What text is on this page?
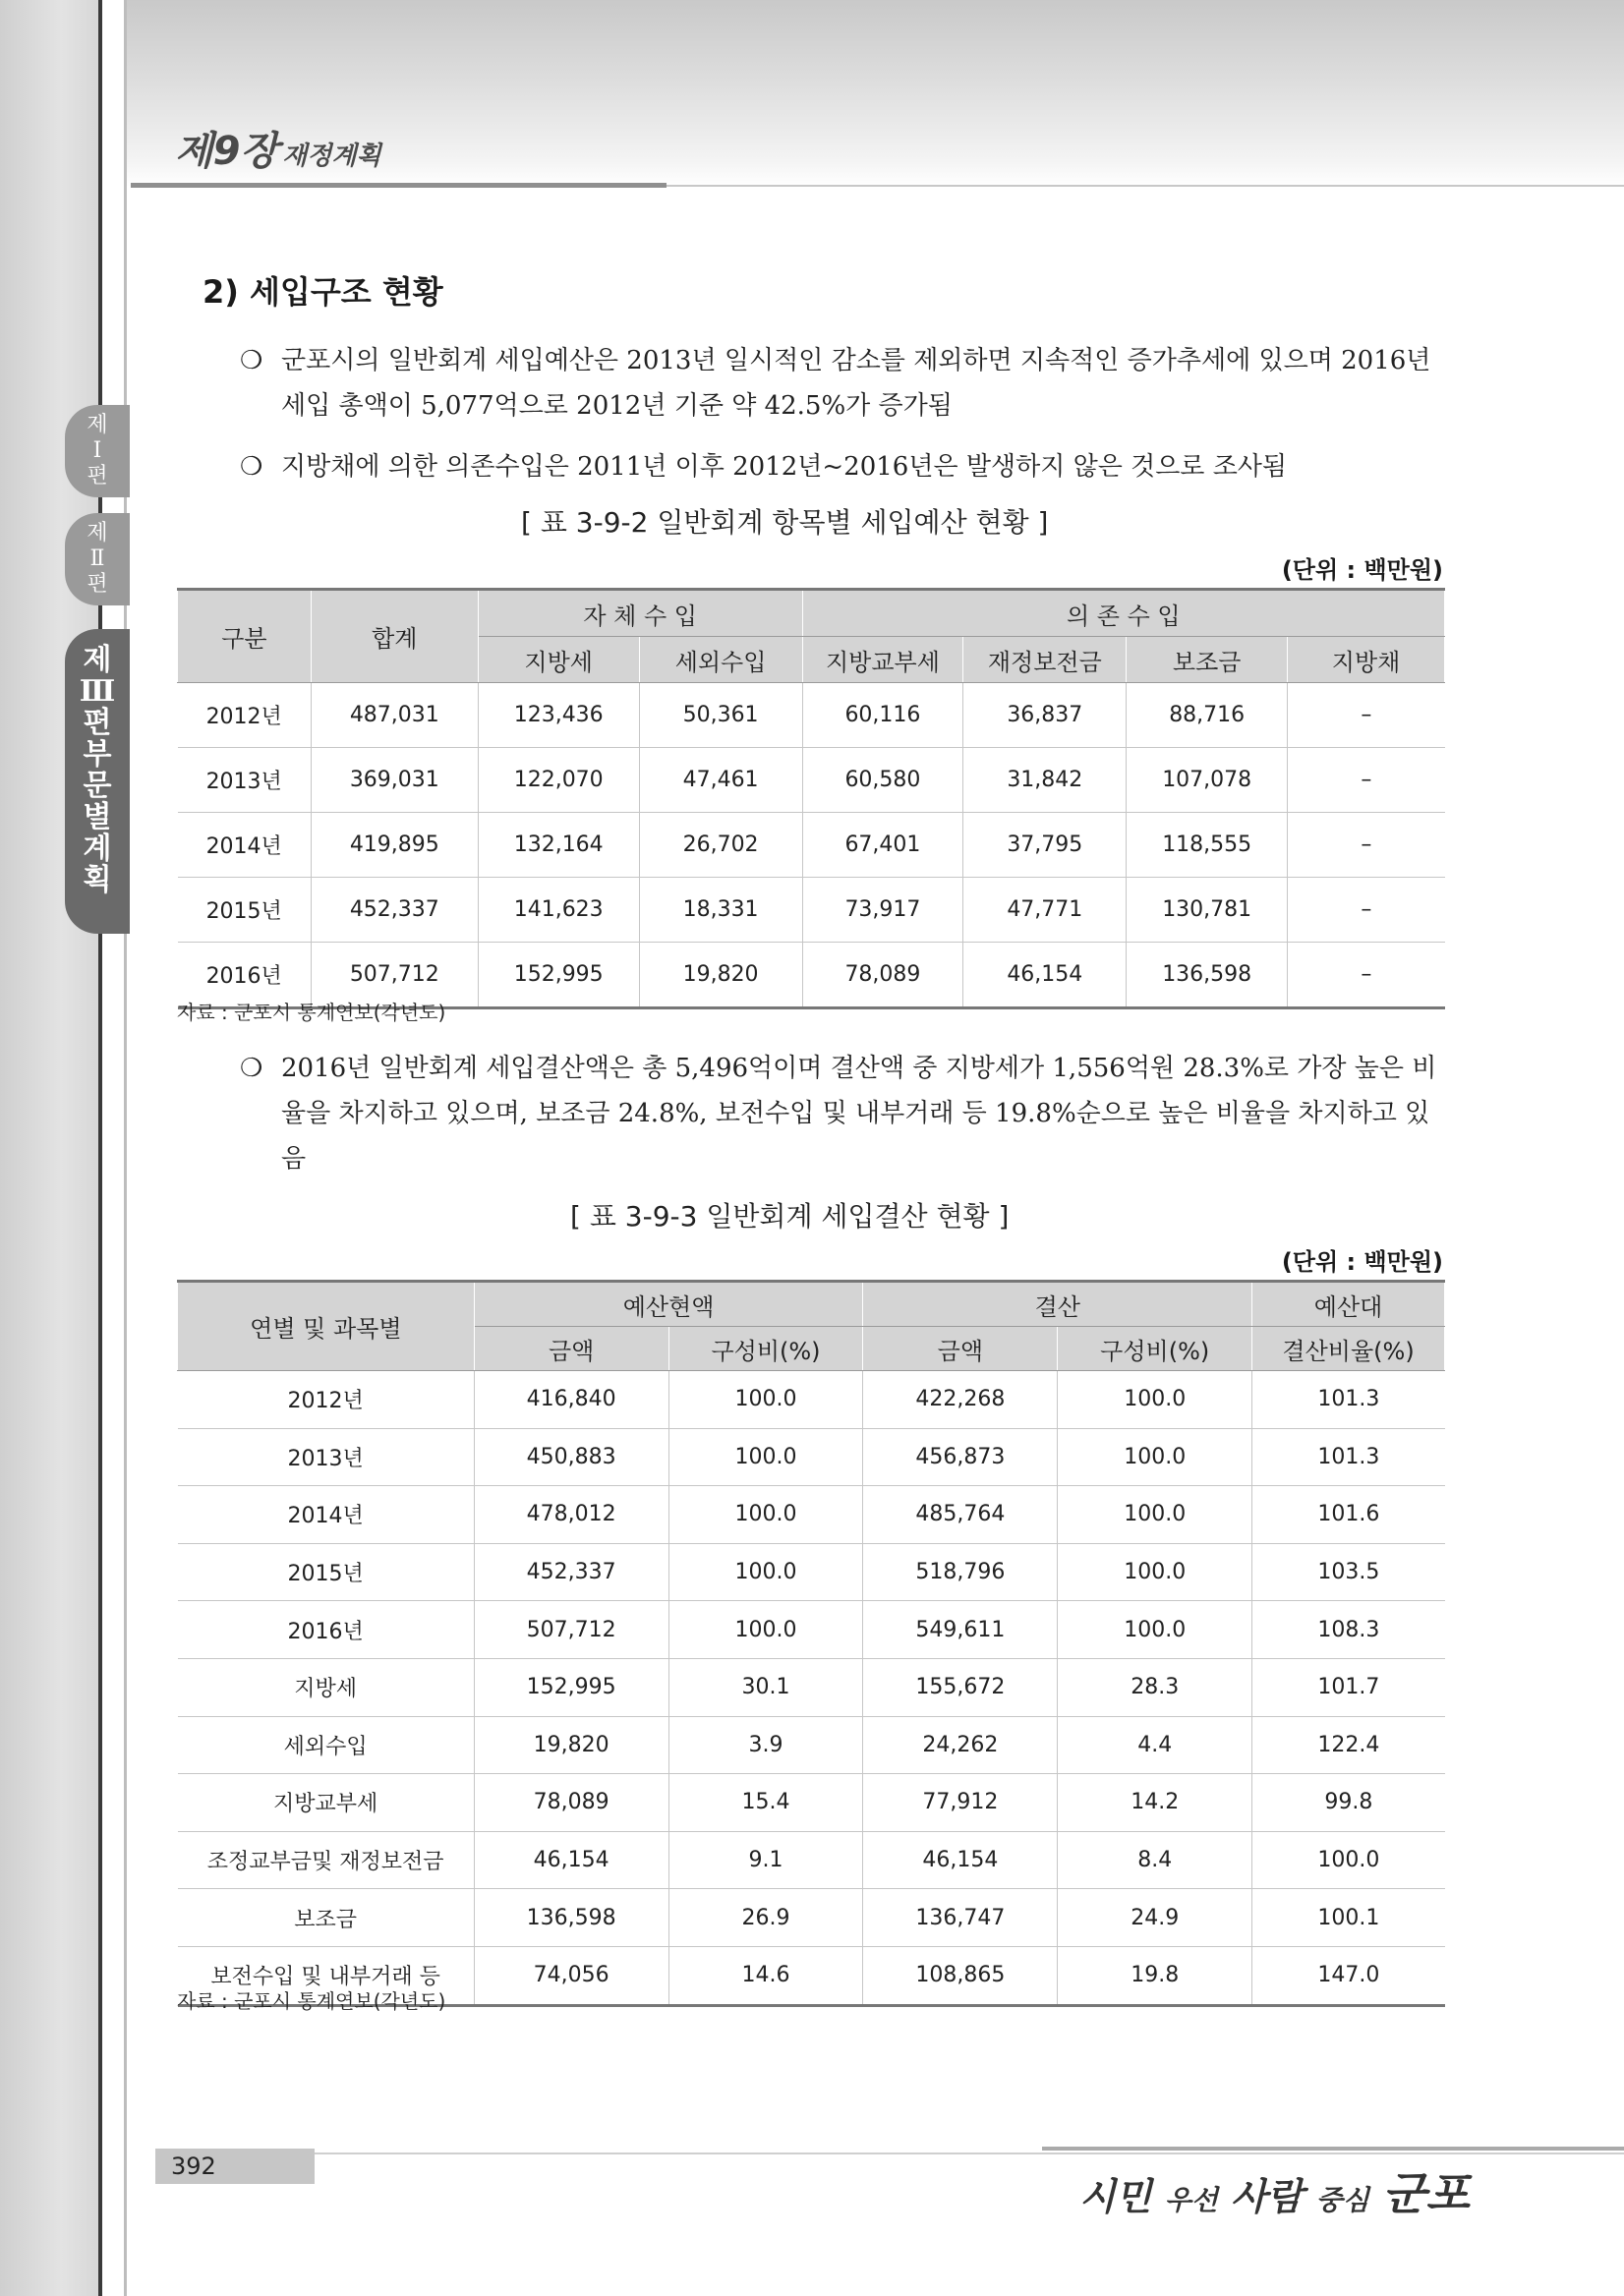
제9장 재정계획
제
Ⅰ
편
제
Ⅱ
편
제
Ⅲ
편
부
문
별
계
획
2) 세입구조 현황
❍ 군포시의 일반회계 세입예산은 2013년 일시적인 감소를 제외하면 지속적인 증가추세에 있으며 2016년 세입 총액이 5,077억으로 2012년 기준 약 42.5%가 증가됨
❍ 지방채에 의한 의존수입은 2011년 이후 2012년~2016년은 발생하지 않은 것으로 조사됨
[ 표 3-9-2 일반회계 항목별 세입예산 현황 ]
(단위 : 백만원)
구분	합계	자 체 수 입		의 존 수 입			
		지방세	세외수입	지방교부세	재정보전금	보조금	지방채
2012년	487,031	123,436	50,361	60,116	36,837	88,716	–
2013년	369,031	122,070	47,461	60,580	31,842	107,078	–
2014년	419,895	132,164	26,702	67,401	37,795	118,555	–
2015년	452,337	141,623	18,331	73,917	47,771	130,781	–
2016년	507,712	152,995	19,820	78,089	46,154	136,598	–
자료 : 군포시 통계연보(각년도)
❍ 2016년 일반회계 세입결산액은 총 5,496억이며 결산액 중 지방세가 1,556억원 28.3%로 가장 높은 비율을 차지하고 있으며, 보조금 24.8%, 보전수입 및 내부거래 등 19.8%순으로 높은 비율을 차지하고 있음
[ 표 3-9-3 일반회계 세입결산 현황 ]
(단위 : 백만원)
연별 및 과목별	예산현액		결산		예산대
	금액	구성비(%)	금액	구성비(%)	결산비율(%)
2012년	416,840	100.0	422,268	100.0	101.3
2013년	450,883	100.0	456,873	100.0	101.3
2014년	478,012	100.0	485,764	100.0	101.6
2015년	452,337	100.0	518,796	100.0	103.5
2016년	507,712	100.0	549,611	100.0	108.3
지방세	152,995	30.1	155,672	28.3	101.7
세외수입	19,820	3.9	24,262	4.4	122.4
지방교부세	78,089	15.4	77,912	14.2	99.8
조정교부금및 재정보전금	46,154	9.1	46,154	8.4	100.0
보조금	136,598	26.9	136,747	24.9	100.1
보전수입 및 내부거래 등	74,056	14.6	108,865	19.8	147.0
자료 : 군포시 통계연보(각년도)
392
시민 우선 사람 중심 군포
